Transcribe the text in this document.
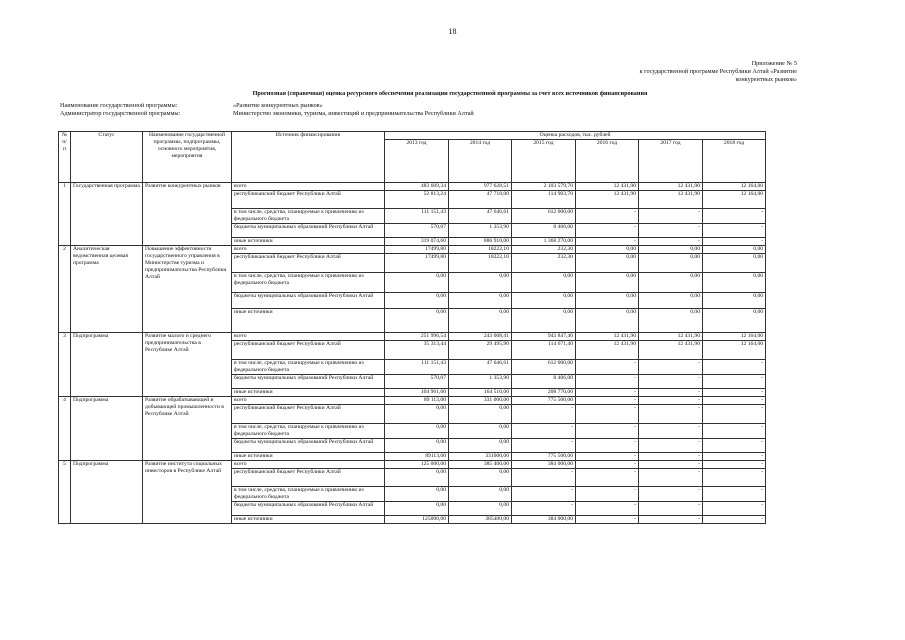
18
Приложение № 5
к государственной программе Республики Алтай «Развитие
конкурентных рынков»
Прогнозная (справочная) оценка ресурсного обеспечения реализации государственной программы за счет всех источников финансирования
Наименование государственной программы:	«Развитие конкурентных рынков»
Администратор государственной программы:	Министерство экономики, туризма, инвестиций и предпринимательства Республики Алтай
№ п/п	Статус	Наименование государственной программы, подпрограммы, основного мероприятия, мероприятия	Источник финансирования	Оценка расходов, тыс. рублей					
				2013 год	2014 год	2015 год	2016 год	2017 год	2018 год
1	Государственная программа	Развитие конкурентных рынков	всего	483 609,34	977 628,51	2 103 579,70	12 431,90	12 431,90	12 164,00
			республиканский бюджет Республики Алтай	52 813,24	47 718,00	114 903,70	12 431,90	12 431,90	12 164,00
			в том числе, средства, планируемые к привлечению из федерального бюджета	111 151,43	47 646,61	612 000,00	-	-	-
			бюджеты муниципальных образований Республики Алтай	570,07	1 353,90	8 406,00	-	-	-
			иные источники	319 074,60	886 910,00	1 368 270,00	-	-	-
2	Аналитическая ведомственная целевая программа	Повышение эффективности государственного управления в Министерстве туризма и предпринимательства Республики Алтай	всего	17499,80	18222,10	232,30	0,00	0,00	0,00
			республиканский бюджет Республики Алтай	17499,80	18222,10	232,30	0,00	0,00	0,00
			в том числе, средства, планируемые к привлечению из федерального бюджета	0,00	0,00	0,00	0,00	0,00	0,00
			бюджеты муниципальных образований Республики Алтай	0,00	0,00	0,00	0,00	0,00	0,00
			иные источники	0,00	0,00	0,00	0,00	0,00	0,00
3	Подпрограмма	Развитие малого и среднего предпринимательства в Республике Алтай	всего	251 996,54	243 008,41	943 847,40	12 431,90	12 431,90	12 164,00
			республиканский бюджет Республики Алтай	35 313,44	29 495,90	114 671,40	12 431,90	12 431,90	12 164,00
			в том числе, средства, планируемые к привлечению из федерального бюджета	111 151,43	47 646,61	612 000,00	-	-	-
			бюджеты муниципальных образований Республики Алтай	570,07	1 353,90	8 406,00	-	-	-
			иные источники	104 961,60	164 510,00	208 770,00	-	-	-
4	Подпрограмма	Развитие обрабатывающей и добывающей промышленности в Республике Алтай	всего	89 113,00	331 000,00	775 500,00	-	-	-
			республиканский бюджет Республики Алтай	0,00	0,00	-	-	-	-
			в том числе, средства, планируемые к привлечению из федерального бюджета	0,00	0,00	-	-	-	-
			бюджеты муниципальных образований Республики Алтай	0,00	0,00	-	-	-	-
			иные источники	89113,00	331000,00	775 500,00	-	-	-
5	Подпрограмма	Развитие института социальных инвесторов в Республике Алтай	всего	125 000,00	385 400,00	384 000,00	-	-	-
			республиканский бюджет Республики Алтай	0,00	0,00	-	-	-	-
			в том числе, средства, планируемые к привлечению из федерального бюджета	0,00	0,00	-	-	-	-
			бюджеты муниципальных образований Республики Алтай	0,00	0,00	-	-	-	-
			иные источники	125000,00	385400,00	384 000,00	-	-	-
